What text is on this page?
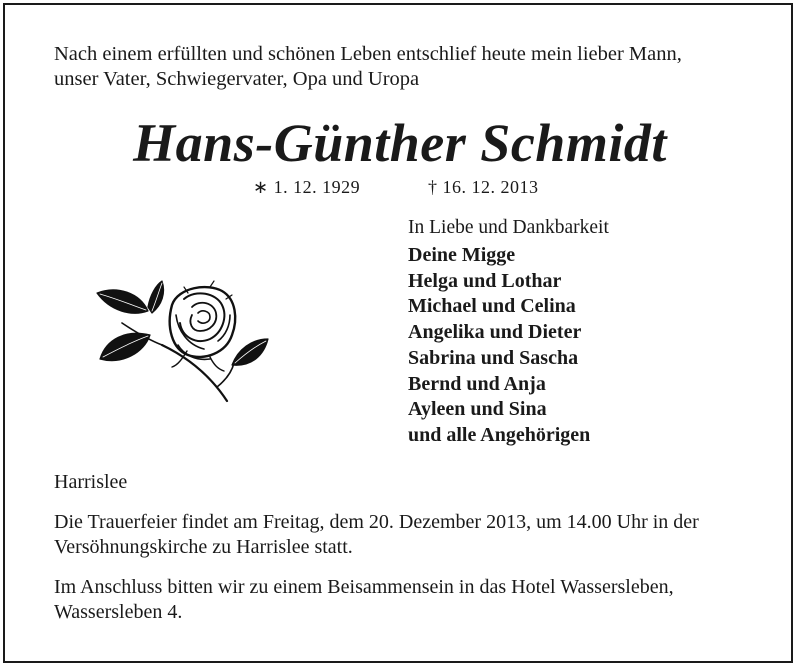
Nach einem erfüllten und schönen Leben entschlief heute mein lieber Mann,
unser Vater, Schwiegervater, Opa und Uropa

Hans-Günther Schmidt
∗ 1. 12. 1929	† 16. 12. 2013

In Liebe und Dankbarkeit

Deine Migge
Helga und Lothar
Michael und Celina
Angelika und Dieter
Sabrina und Sascha
Bernd und Anja
Ayleen und Sina
und alle Angehörigen

Harrislee

Die Trauerfeier findet am Freitag, dem 20. Dezember 2013, um 14.00 Uhr in der
Versöhnungskirche zu Harrislee statt.

Im Anschluss bitten wir zu einem Beisammensein in das Hotel Wassersleben,
Wassersleben 4.
